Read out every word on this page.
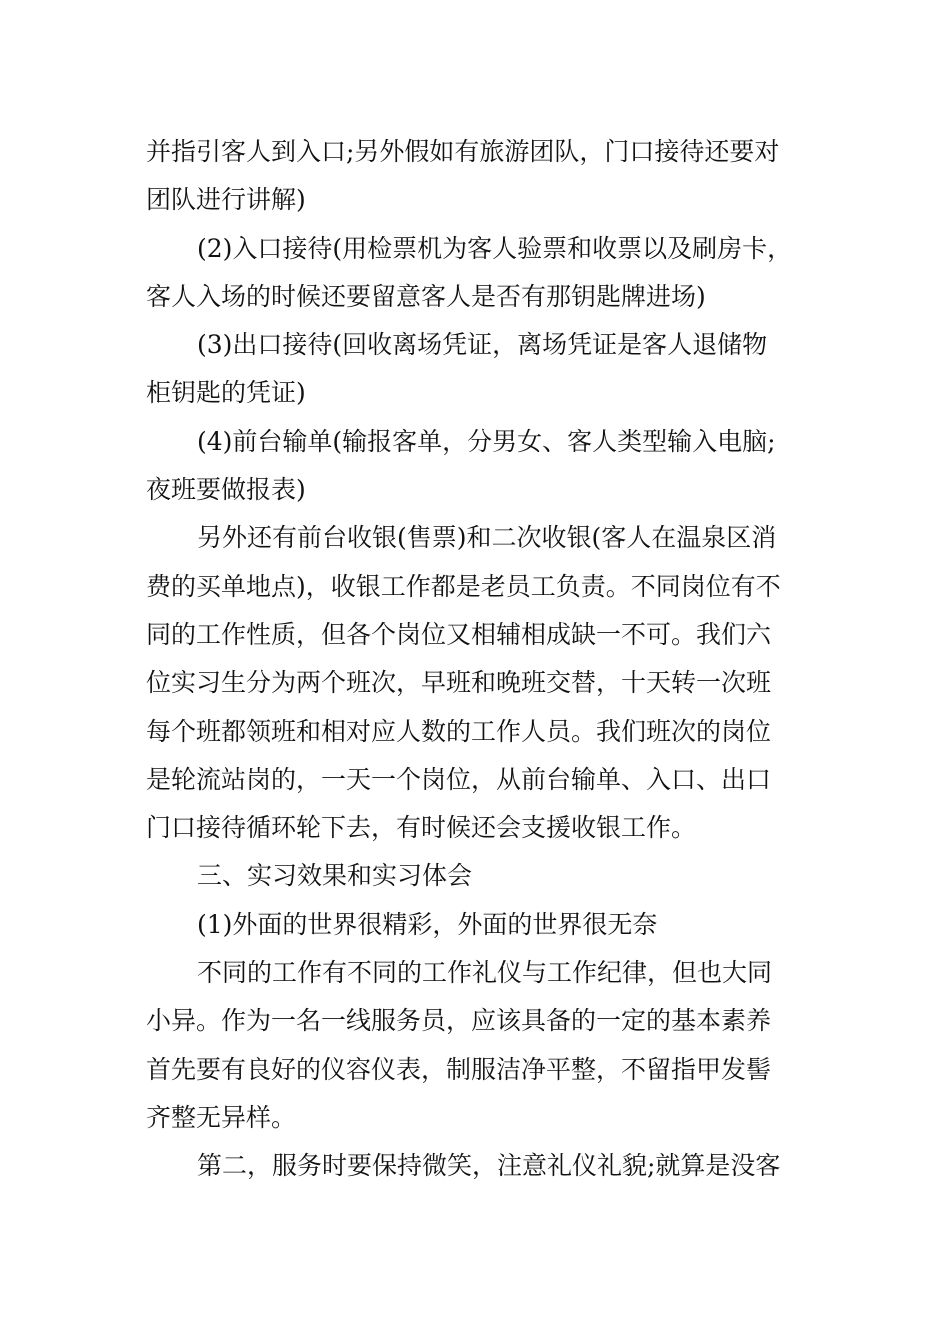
并指引客人到入口;另外假如有旅游团队，门口接待还要对
团队进行讲解)
(2)入口接待(用检票机为客人验票和收票以及刷房卡，
客人入场的时候还要留意客人是否有那钥匙牌进场)
(3)出口接待(回收离场凭证，离场凭证是客人退储物
柜钥匙的凭证)
(4)前台输单(输报客单，分男女、客人类型输入电脑;
夜班要做报表)
另外还有前台收银(售票)和二次收银(客人在温泉区消
费的买单地点)，收银工作都是老员工负责。不同岗位有不
同的工作性质，但各个岗位又相辅相成缺一不可。我们六
位实习生分为两个班次，早班和晚班交替，十天转一次班
每个班都领班和相对应人数的工作人员。我们班次的岗位
是轮流站岗的，一天一个岗位，从前台输单、入口、出口
门口接待循环轮下去，有时候还会支援收银工作。
三、实习效果和实习体会
(1)外面的世界很精彩，外面的世界很无奈
不同的工作有不同的工作礼仪与工作纪律，但也大同
小异。作为一名一线服务员，应该具备的一定的基本素养
首先要有良好的仪容仪表，制服洁净平整，不留指甲发髻
齐整无异样。
第二，服务时要保持微笑，注意礼仪礼貌;就算是没客
